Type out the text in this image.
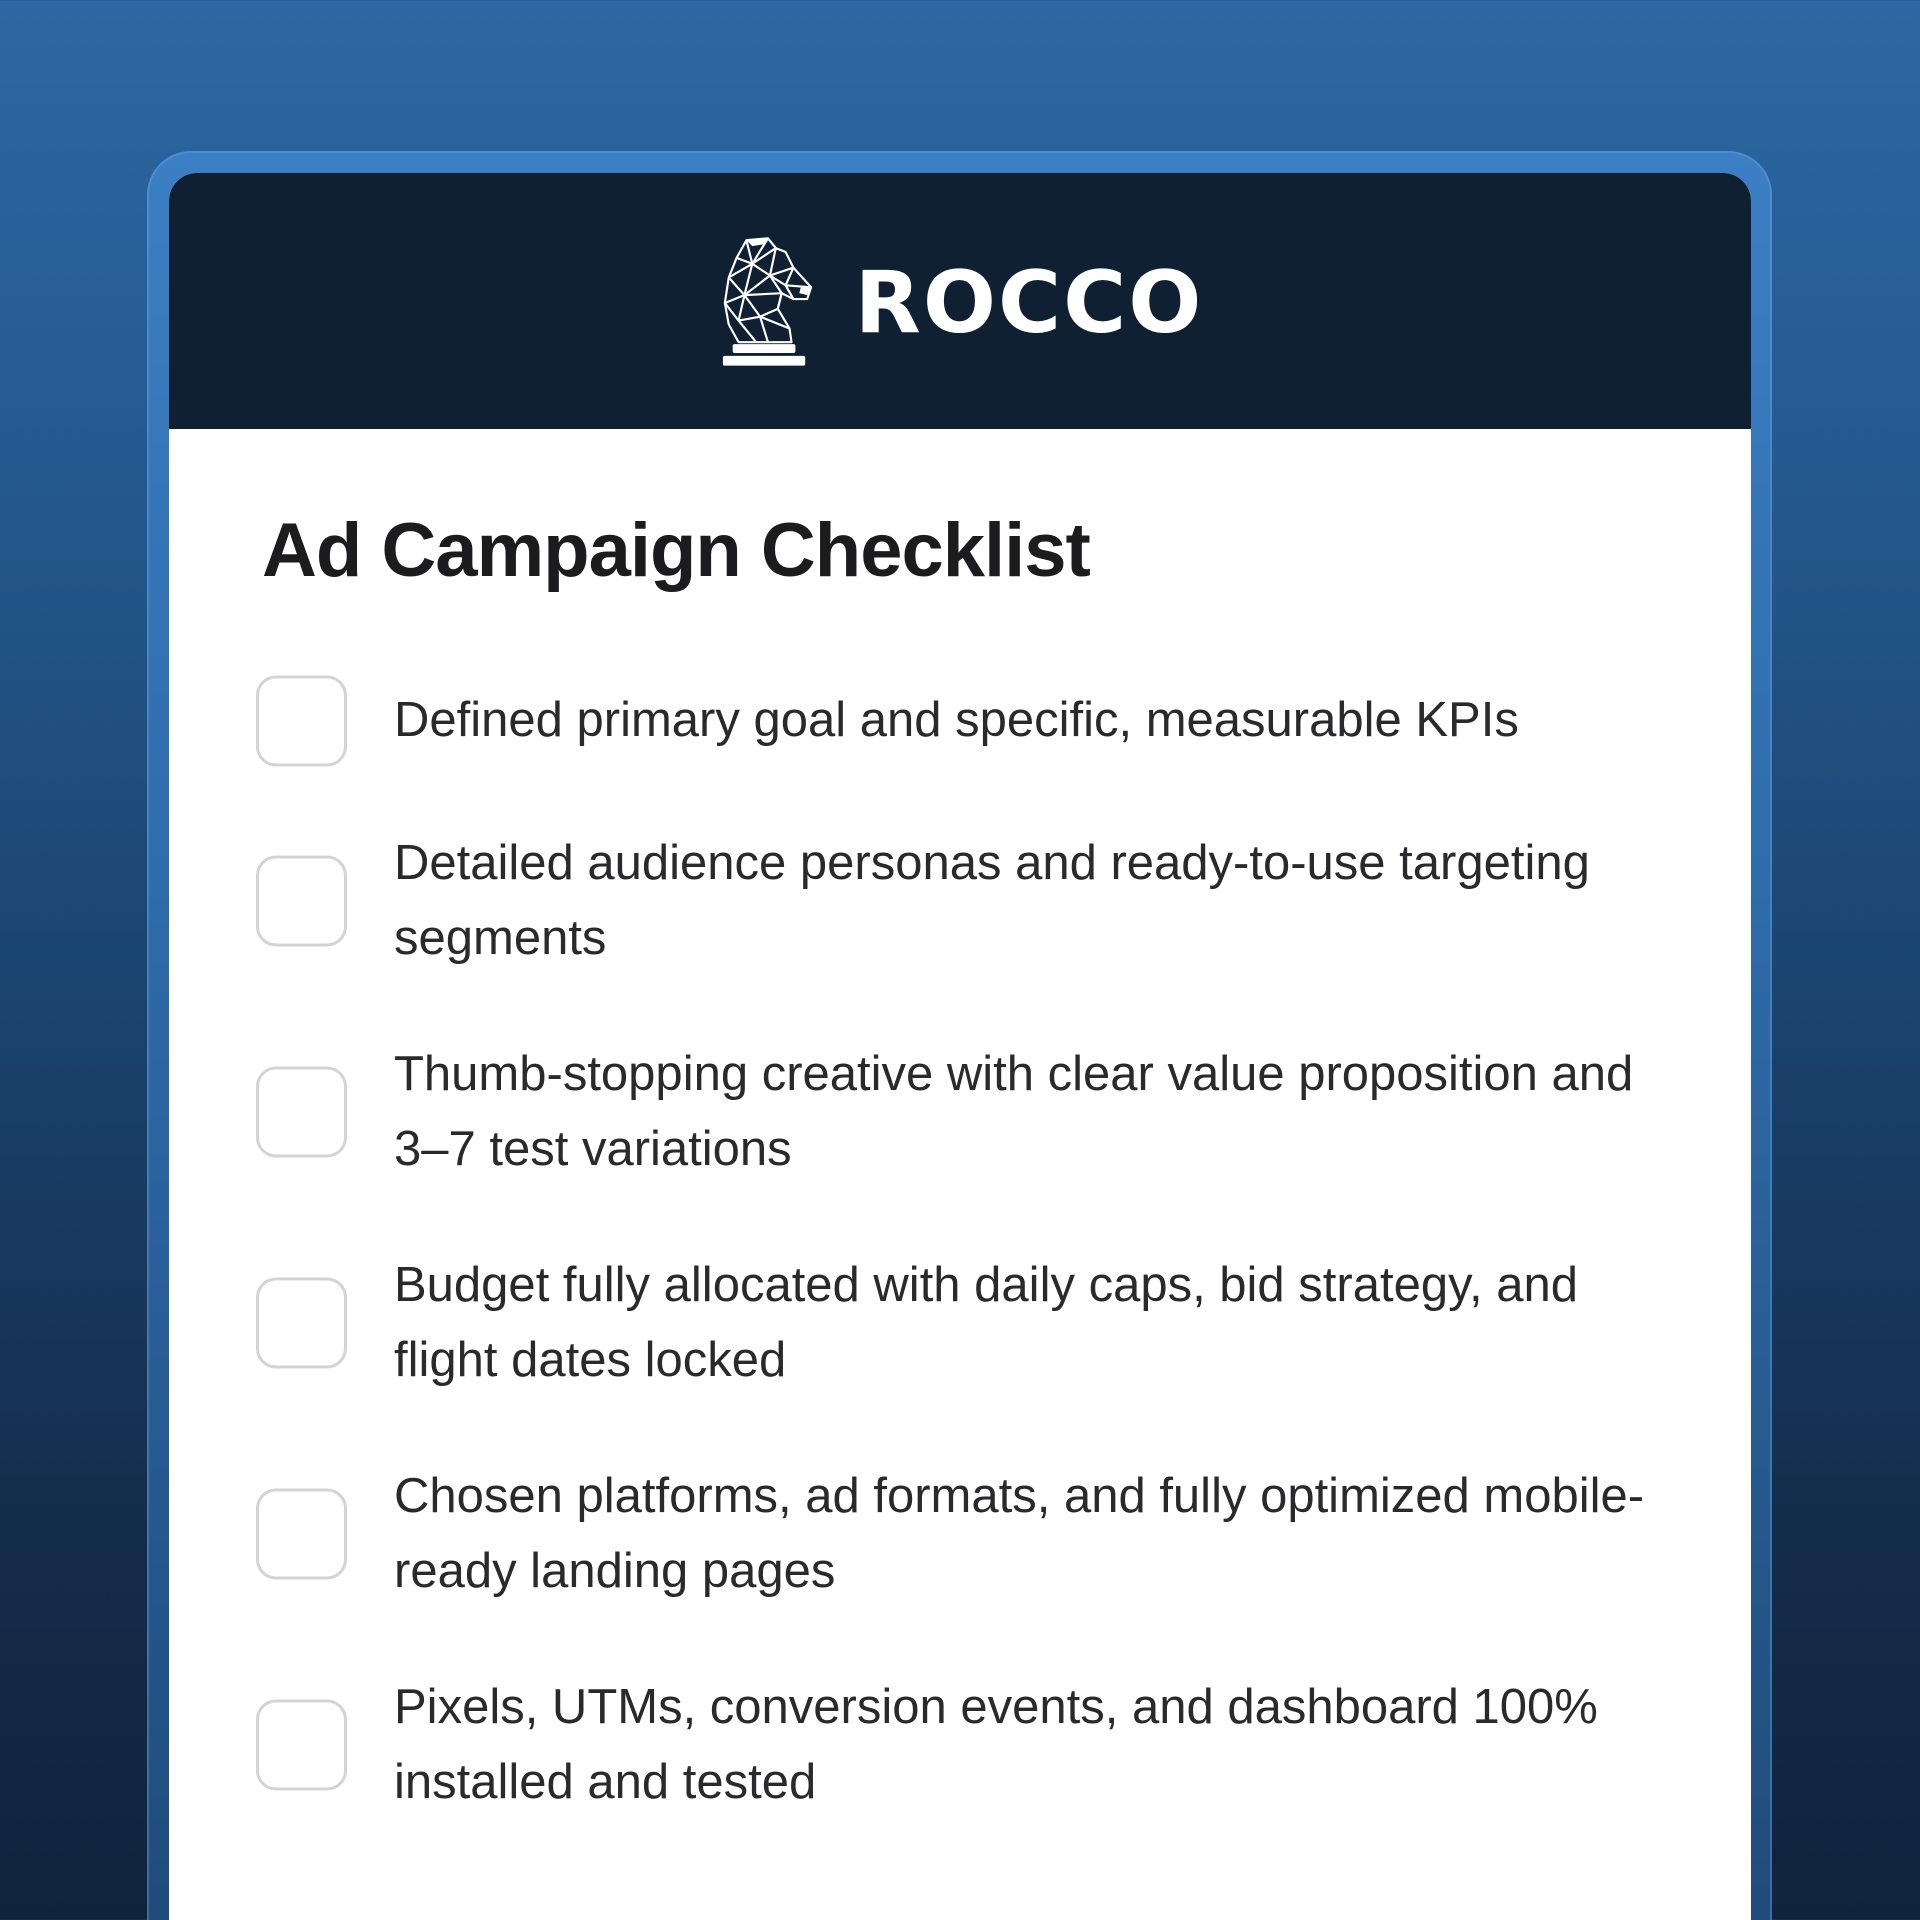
ROCCO
Ad Campaign Checklist
Defined primary goal and specific, measurable KPIs
Detailed audience personas and ready-to-use targeting segments
Thumb-stopping creative with clear value proposition and 3–7 test variations
Budget fully allocated with daily caps, bid strategy, and flight dates locked
Chosen platforms, ad formats, and fully optimized mobile-ready landing pages
Pixels, UTMs, conversion events, and dashboard 100% installed and tested
